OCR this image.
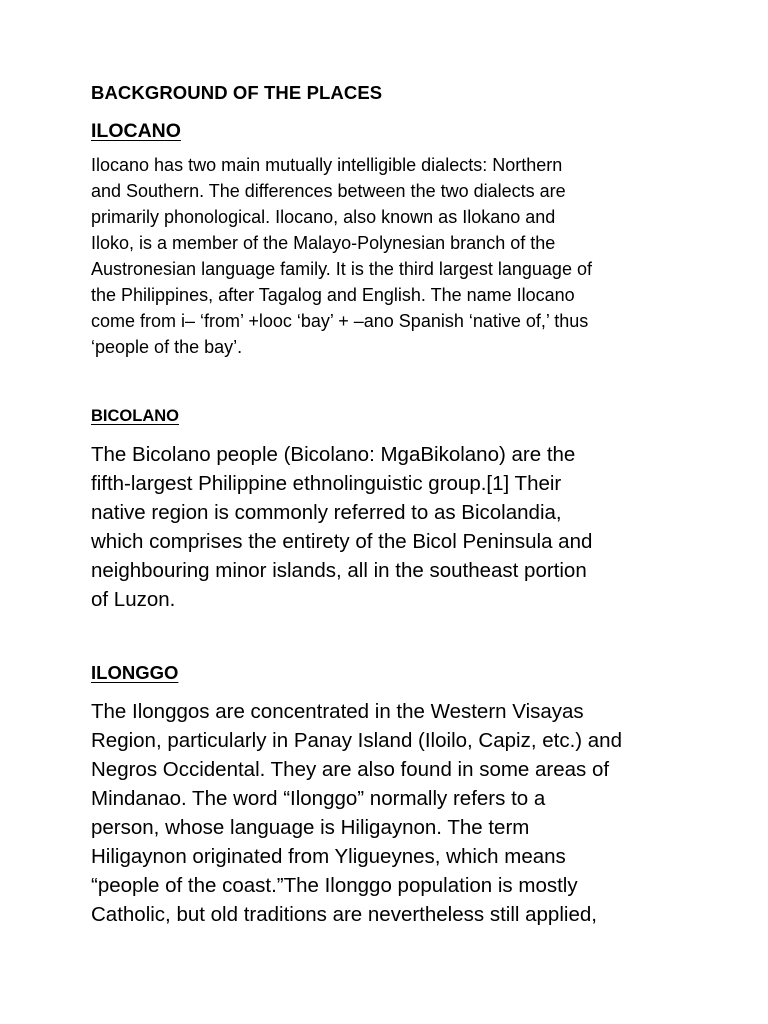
BACKGROUND OF THE PLACES
ILOCANO

Ilocano has two main mutually intelligible dialects: Northern
and Southern. The differences between the two dialects are
primarily phonological. Ilocano, also known as Ilokano and
Iloko, is a member of the Malayo-Polynesian branch of the
Austronesian language family. It is the third largest language of
the Philippines, after Tagalog and English. The name Ilocano
come from i– ‘from’ +looc ‘bay’ + –ano Spanish ‘native of,’ thus
‘people of the bay’.

BICOLANO

The Bicolano people (Bicolano: MgaBikolano) are the
fifth-largest Philippine ethnolinguistic group.[1] Their
native region is commonly referred to as Bicolandia,
which comprises the entirety of the Bicol Peninsula and
neighbouring minor islands, all in the southeast portion
of Luzon.

ILONGGO

The Ilonggos are concentrated in the Western Visayas
Region, particularly in Panay Island (Iloilo, Capiz, etc.) and
Negros Occidental. They are also found in some areas of
Mindanao. The word “Ilonggo” normally refers to a
person, whose language is Hiligaynon. The term
Hiligaynon originated from Yligueynes, which means
“people of the coast.”The Ilonggo population is mostly
Catholic, but old traditions are nevertheless still applied,
